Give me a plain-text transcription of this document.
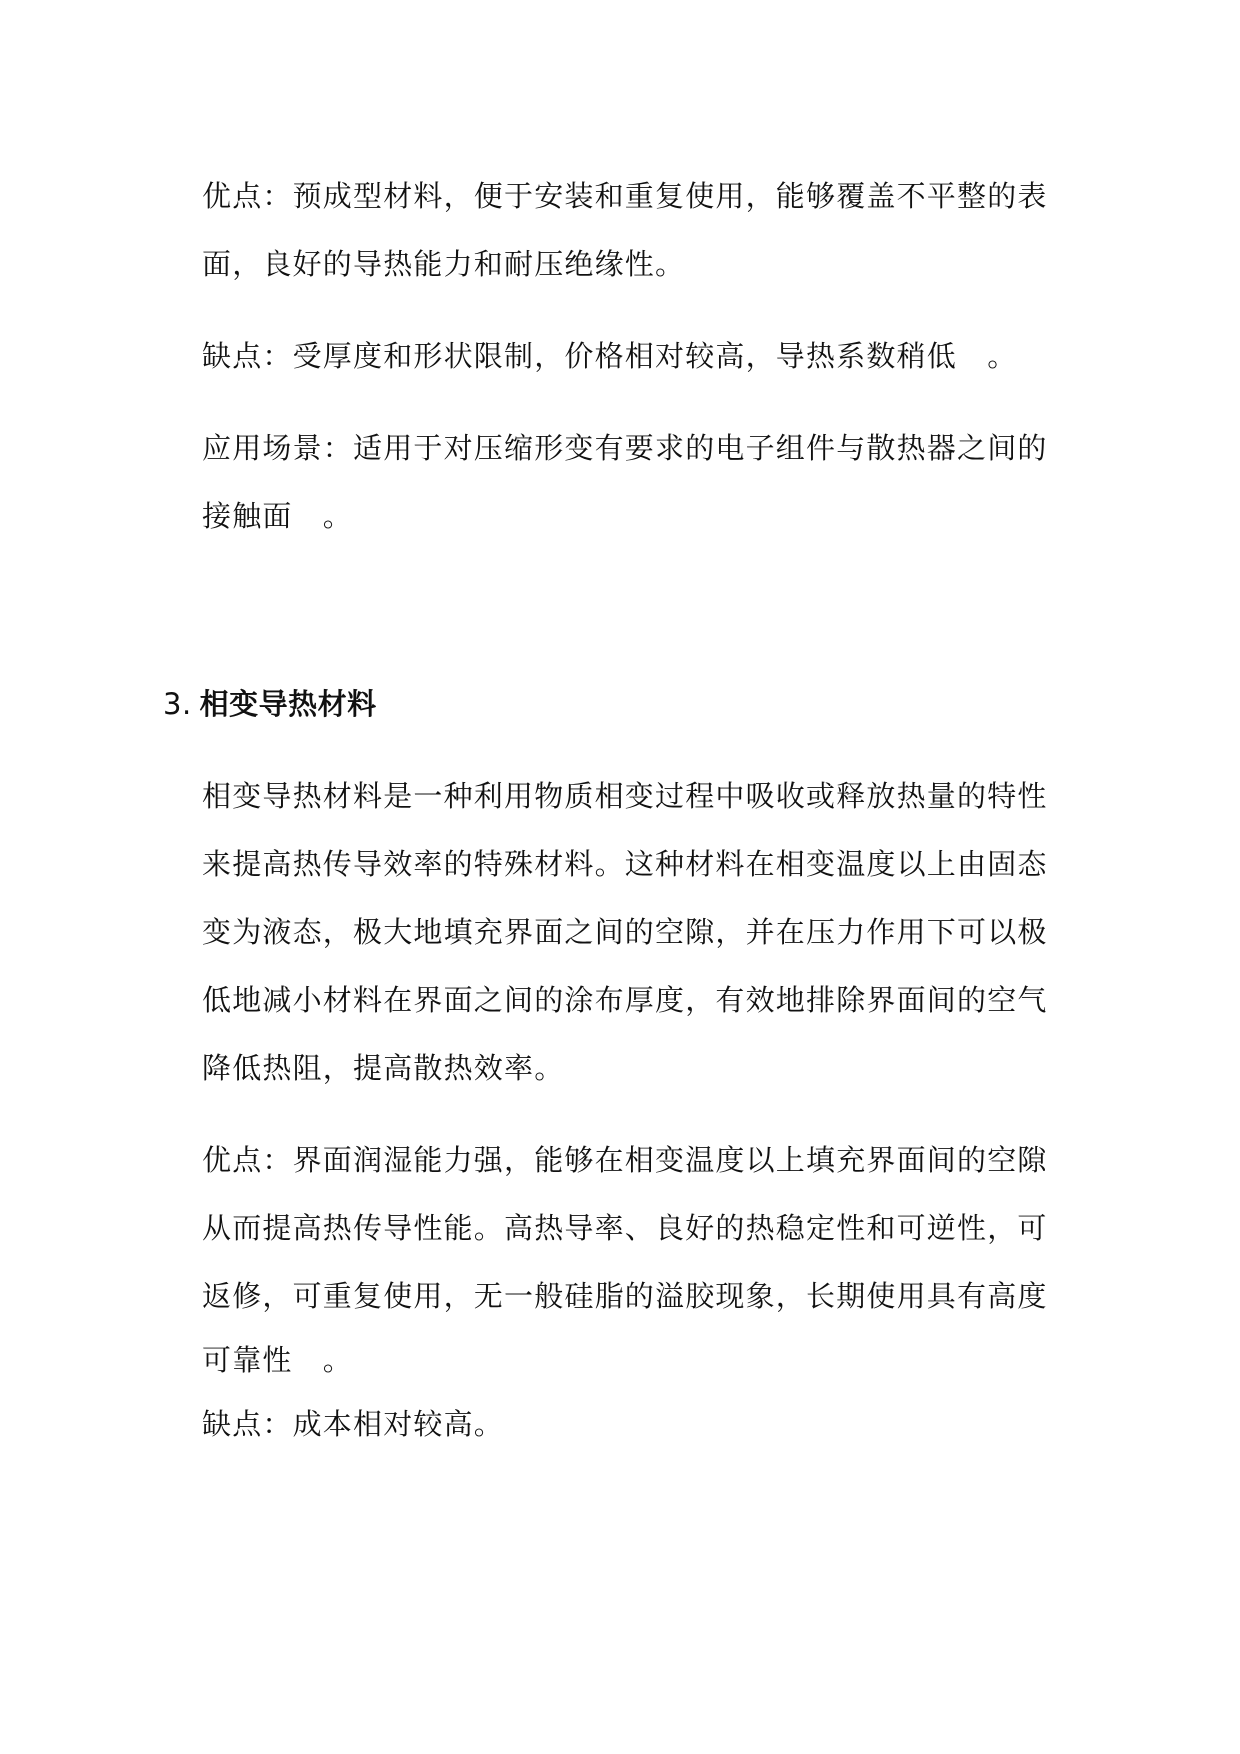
优点：预成型材料，便于安装和重复使用，能够覆盖不平整的表
面，良好的导热能力和耐压绝缘性。
缺点：受厚度和形状限制，价格相对较高，导热系数稍低　。
应用场景：适用于对压缩形变有要求的电子组件与散热器之间的
接触面　。
3. 相变导热材料
相变导热材料是一种利用物质相变过程中吸收或释放热量的特性
来提高热传导效率的特殊材料。这种材料在相变温度以上由固态
变为液态，极大地填充界面之间的空隙，并在压力作用下可以极
低地减小材料在界面之间的涂布厚度，有效地排除界面间的空气
降低热阻，提高散热效率。
优点：界面润湿能力强，能够在相变温度以上填充界面间的空隙
从而提高热传导性能。高热导率、良好的热稳定性和可逆性，可
返修，可重复使用，无一般硅脂的溢胶现象，长期使用具有高度
可靠性　。
缺点：成本相对较高。
